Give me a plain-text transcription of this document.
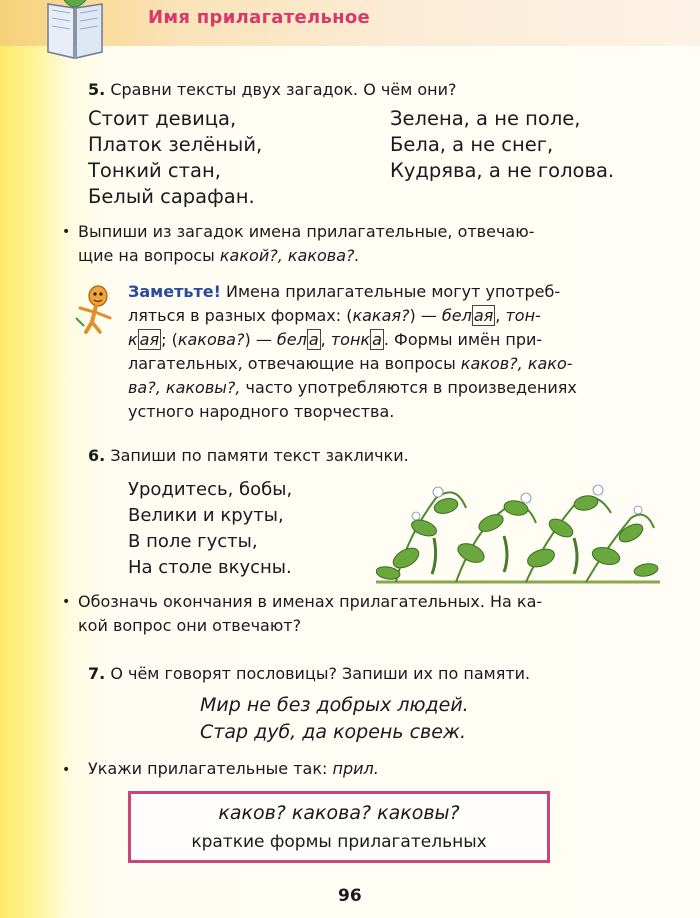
Имя прилагательное
5. Сравни тексты двух загадок. О чём они?
Стоит девица,
Платок зелёный,
Тонкий стан,
Белый сарафан.
Зелена, а не поле,
Бела, а не снег,
Кудрява, а не голова.
• Выпиши из загадок имена прилагательные, отвечаю-
щие на вопросы какой?, какова?.
Заметьте! Имена прилагательные могут употреб-
ляться в разных формах: (какая?) — бел ая , тон-
к ая ; (какова?) — бел а , тонк а . Формы имён при-
лагательных, отвечающие на вопросы каков?, како-
ва?, каковы?, часто употребляются в произведениях
устного народного творчества.
6. Запиши по памяти текст заклички.
Уродитесь, бобы,
Велики и круты,
В поле густы,
На столе вкусны.
• Обозначь окончания в именах прилагательных. На ка-
кой вопрос они отвечают?
7. О чём говорят пословицы? Запиши их по памяти.
Мир не без добрых людей.
Стар дуб, да корень свеж.
• Укажи прилагательные так: прил.
каков? какова? каковы?
краткие формы прилагательных
96
